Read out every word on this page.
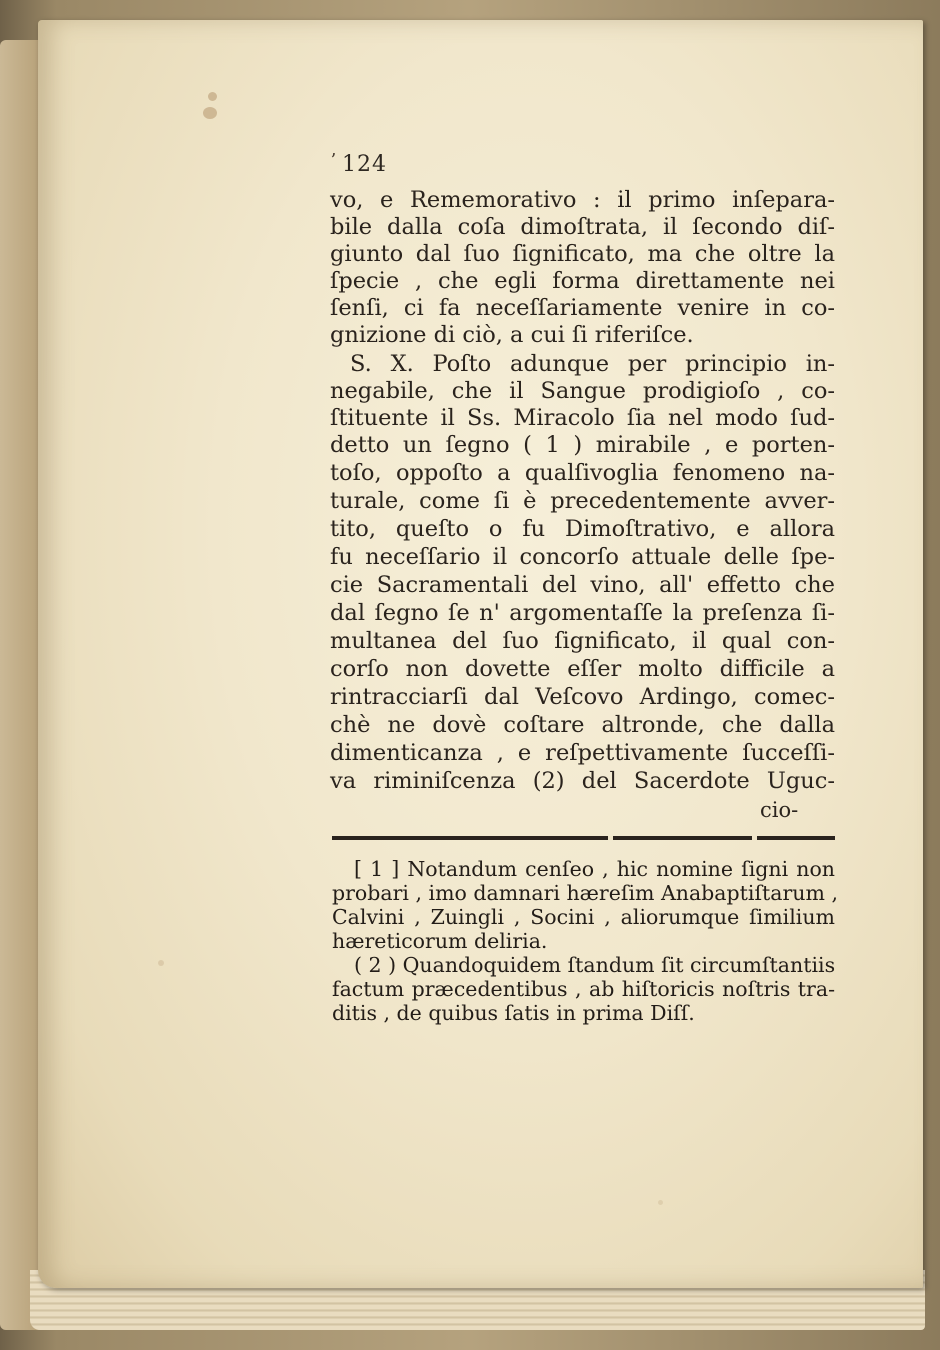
ʼ 124
vo, e Rememorativo : il primo inſepara-
bile dalla coſa dimoſtrata, il ſecondo diſ-
giunto dal ſuo ſignificato, ma che oltre la
ſpecie , che egli forma direttamente nei
ſenſi, ci fa neceſſariamente venire in co-
gnizione di ciò, a cui ſi riferiſce.
S. X. Poſto adunque per principio in-
negabile, che il Sangue prodigioſo , co-
ſtituente il Ss. Miracolo ſia nel modo ſud-
detto un ſegno ( 1 ) mirabile , e porten-
toſo, oppoſto a qualſivoglia fenomeno na-
turale, come ſi è precedentemente avver-
tito, queſto o fu Dimoſtrativo, e allora
fu neceſſario il concorſo attuale delle ſpe-
cie Sacramentali del vino, all' effetto che
dal ſegno ſe n' argomentaſſe la preſenza ſi-
multanea del ſuo ſignificato, il qual con-
corſo non dovette eſſer molto difficile a
rintracciarſi dal Veſcovo Ardingo, comec-
chè ne dovè coſtare altronde, che dalla
dimenticanza , e reſpettivamente ſucceſſi-
va riminiſcenza (2) del Sacerdote Uguc-
cio-
[ 1 ] Notandum cenſeo , hic nomine ſigni non
probari , imo damnari hæreſim Anabaptiſtarum ,
Calvini , Zuingli , Socini , aliorumque ſimilium
hæreticorum deliria.
( 2 ) Quandoquidem ſtandum ſit circumſtantiis
factum præcedentibus , ab hiſtoricis noſtris tra-
ditis , de quibus ſatis in prima Diſſ.
